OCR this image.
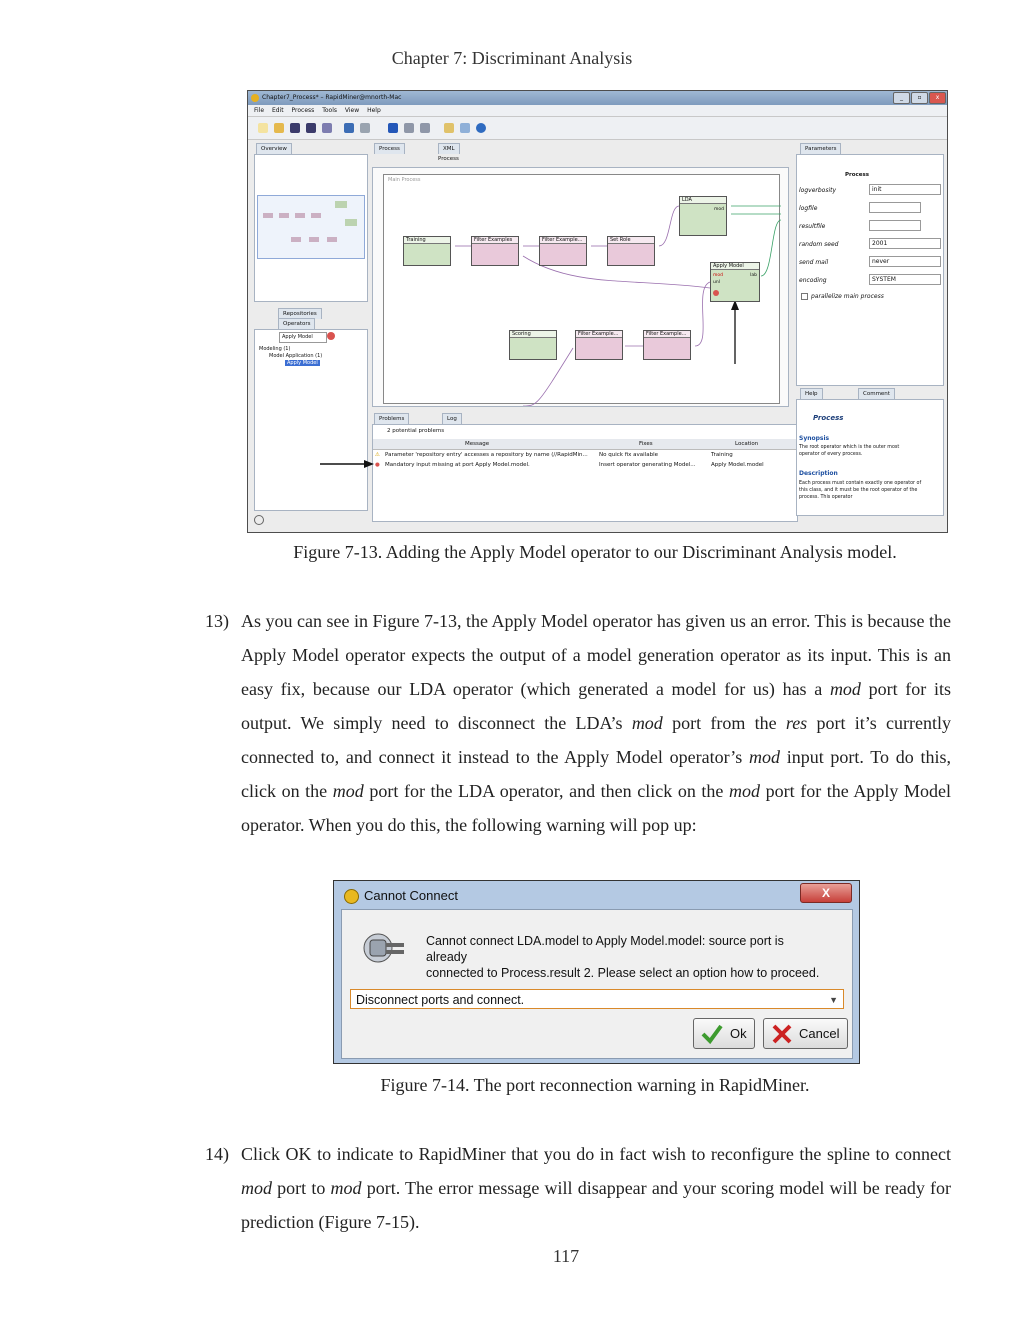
Chapter 7: Discriminant Analysis
Chapter7_Process* – RapidMiner@mnorth-Mac	_	▫	x
File Edit Process Tools View Help
Overview
Repositories
Operators
Apply Model
Modeling (1)
Model Application (1)
Apply Model
Process	XML
Process
Main Process
Training	Filter Examples	Filter Example...	Set Role
LDA
mod
Apply Model
mod
unl
lab
Scoring	Filter Example...	Filter Example...
Problems	Log
2 potential problems
Message	Fixes	Location
⚠ Parameter 'repository entry' accesses a repository by name (//RapidMin...	No quick fix available	Training
● Mandatory input missing at port Apply Model.model.	Insert operator generating Model...	Apply Model.model
Parameters
Process
logverbosity	init
logfile
resultfile
random seed	2001
send mail	never
encoding	SYSTEM
parallelize main process
Help	Comment
Process
Synopsis
The root operator which is the outer most operator of every process.
Description
Each process must contain exactly one operator of this class, and it must be the root operator of the process. This operator
Figure 7-13. Adding the Apply Model operator to our Discriminant Analysis model.
13) As you can see in Figure 7-13, the Apply Model operator has given us an error. This is because the Apply Model operator expects the output of a model generation operator as its input. This is an easy fix, because our LDA operator (which generated a model for us) has a mod port for its output. We simply need to disconnect the LDA’s mod port from the res port it’s currently connected to, and connect it instead to the Apply Model operator’s mod input port. To do this, click on the mod port for the LDA operator, and then click on the mod port for the Apply Model operator. When you do this, the following warning will pop up:
Cannot Connect	X
Cannot connect LDA.model to Apply Model.model: source port is already
connected to Process.result 2. Please select an option how to proceed.
Disconnect ports and connect.	▼
Ok	Cancel
Figure 7-14. The port reconnection warning in RapidMiner.
14) Click OK to indicate to RapidMiner that you do in fact wish to reconfigure the spline to connect mod port to mod port. The error message will disappear and your scoring model will be ready for prediction (Figure 7-15).
117
